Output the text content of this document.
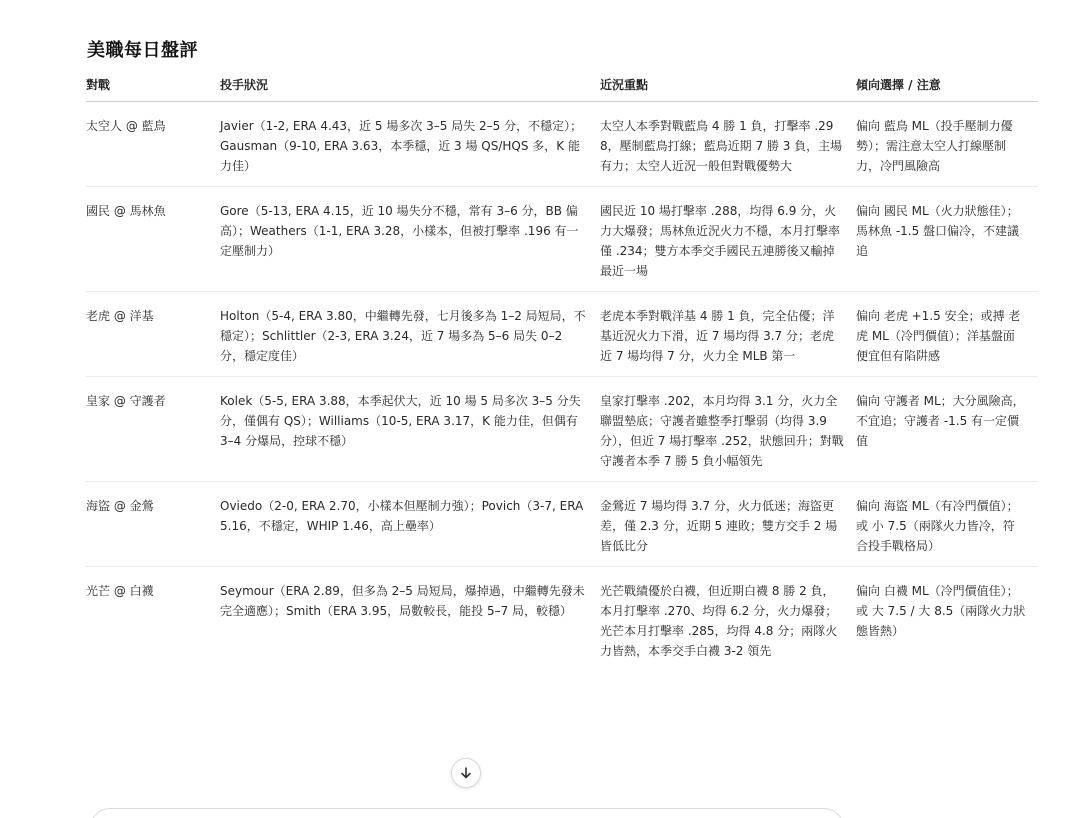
美職每日盤評
對戰	投手狀況	近況重點	傾向選擇 / 注意
太空人 @ 藍鳥	Javier（1-2, ERA 4.43，近 5 場多次 3–5 局失 2–5 分，不穩定）；Gausman（9-10, ERA 3.63，本季穩，近 3 場 QS/HQS 多，K 能力佳）	太空人本季對戰藍鳥 4 勝 1 負，打擊率 .298，壓制藍鳥打線；藍鳥近期 7 勝 3 負，主場有力；太空人近況一般但對戰優勢大	偏向 藍鳥 ML（投手壓制力優勢）；需注意太空人打線壓制力，冷門風險高
國民 @ 馬林魚	Gore（5-13, ERA 4.15，近 10 場失分不穩，常有 3–6 分，BB 偏高）；Weathers（1-1, ERA 3.28，小樣本，但被打擊率 .196 有一定壓制力）	國民近 10 場打擊率 .288，均得 6.9 分，火力大爆發；馬林魚近況火力不穩，本月打擊率僅 .234；雙方本季交手國民五連勝後又輸掉最近一場	偏向 國民 ML（火力狀態佳）；馬林魚 -1.5 盤口偏冷，不建議追
老虎 @ 洋基	Holton（5-4, ERA 3.80，中繼轉先發，七月後多為 1–2 局短局，不穩定）；Schlittler（2-3, ERA 3.24，近 7 場多為 5–6 局失 0–2 分，穩定度佳）	老虎本季對戰洋基 4 勝 1 負，完全佔優；洋基近況火力下滑，近 7 場均得 3.7 分；老虎近 7 場均得 7 分，火力全 MLB 第一	偏向 老虎 +1.5 安全；或搏 老虎 ML（冷門價值）；洋基盤面便宜但有陷阱感
皇家 @ 守護者	Kolek（5-5, ERA 3.88，本季起伏大，近 10 場 5 局多次 3–5 分失分，僅偶有 QS）；Williams（10-5, ERA 3.17，K 能力佳，但偶有 3–4 分爆局，控球不穩）	皇家打擊率 .202，本月均得 3.1 分，火力全聯盟墊底；守護者雖整季打擊弱（均得 3.9 分），但近 7 場打擊率 .252，狀態回升；對戰守護者本季 7 勝 5 負小幅領先	偏向 守護者 ML；大分風險高，不宜追；守護者 -1.5 有一定價值
海盜 @ 金鶯	Oviedo（2-0, ERA 2.70，小樣本但壓制力強）；Povich（3-7, ERA 5.16，不穩定，WHIP 1.46，高上壘率）	金鶯近 7 場均得 3.7 分，火力低迷；海盜更差，僅 2.3 分，近期 5 連敗；雙方交手 2 場皆低比分	偏向 海盜 ML（有冷門價值）；或 小 7.5（兩隊火力皆冷，符合投手戰格局）
光芒 @ 白襪	Seymour（ERA 2.89，但多為 2–5 局短局，爆掉過，中繼轉先發未完全適應）；Smith（ERA 3.95，局數較長，能投 5–7 局，較穩）	光芒戰績優於白襪，但近期白襪 8 勝 2 負，本月打擊率 .270、均得 6.2 分，火力爆發；光芒本月打擊率 .285，均得 4.8 分；兩隊火力皆熱，本季交手白襪 3-2 領先	偏向 白襪 ML（冷門價值佳）；或 大 7.5 / 大 8.5（兩隊火力狀態皆熱）
